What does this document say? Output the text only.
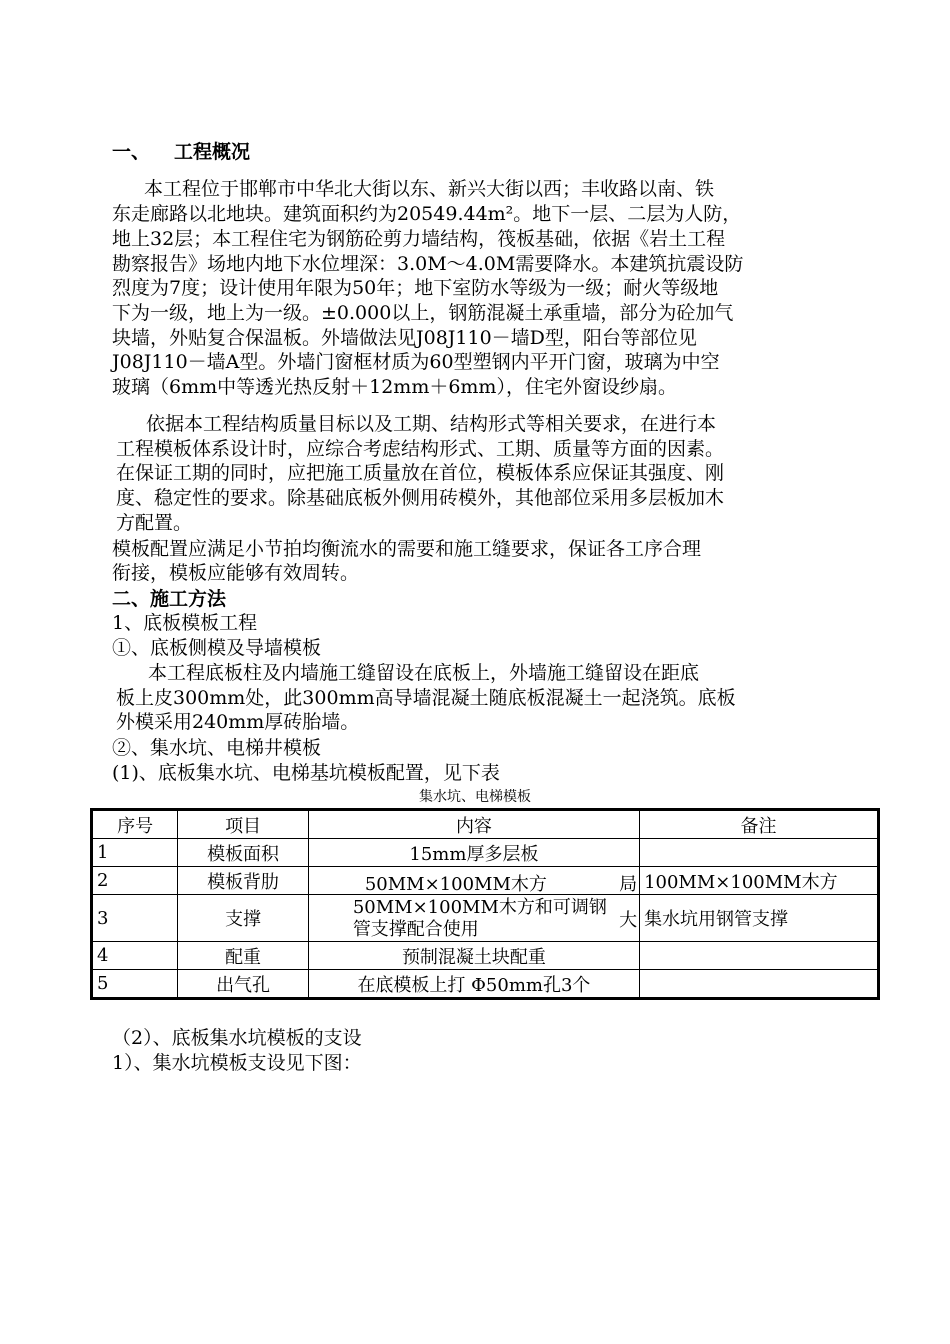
一、 工程概况

本工程位于邯郸市中华北大街以东、新兴大街以西；丰收路以南、铁

东走廊路以北地块。建筑面积约为20549.44m²。地下一层、二层为人防，

地上32层；本工程住宅为钢筋砼剪力墙结构，筏板基础，依据《岩土工程

勘察报告》场地内地下水位埋深：3.0M～4.0M需要降水。本建筑抗震设防

烈度为7度；设计使用年限为50年；地下室防水等级为一级；耐火等级地

下为一级，地上为一级。±0.000以上，钢筋混凝土承重墙，部分为砼加气

块墙，外贴复合保温板。外墙做法见J08J110－墙D型，阳台等部位见

J08J110－墙A型。外墙门窗框材质为60型塑钢内平开门窗，玻璃为中空

玻璃（6mm中等透光热反射＋12mm＋6mm），住宅外窗设纱扇。

依据本工程结构质量目标以及工期、结构形式等相关要求，在进行本

工程模板体系设计时，应综合考虑结构形式、工期、质量等方面的因素。

在保证工期的同时，应把施工质量放在首位，模板体系应保证其强度、刚

度、稳定性的要求。除基础底板外侧用砖模外，其他部位采用多层板加木

方配置。

模板配置应满足小节拍均衡流水的需要和施工缝要求，保证各工序合理

衔接，模板应能够有效周转。

二、施工方法
1、底板模板工程
①、底板侧模及导墙模板

本工程底板柱及内墙施工缝留设在底板上，外墙施工缝留设在距底

板上皮300mm处，此300mm高导墙混凝土随底板混凝土一起浇筑。底板

外模采用240mm厚砖胎墙。

②、集水坑、电梯井模板
(1)、底板集水坑、电梯基坑模板配置，见下表
集水坑、电梯模板
序号	项目	内容	备注
1	模板面积	15mm厚多层板	
2	模板背肋	50MM×100MM木方 局	100MM×100MM木方
3	支撑	50MM×100MM木方和可调钢管支撑配合使用 大	集水坑用钢管支撑
4	配重	预制混凝土块配重	
5	出气孔	在底模板上打 Φ50mm孔3个	
（2）、底板集水坑模板的支设
1）、集水坑模板支设见下图：
